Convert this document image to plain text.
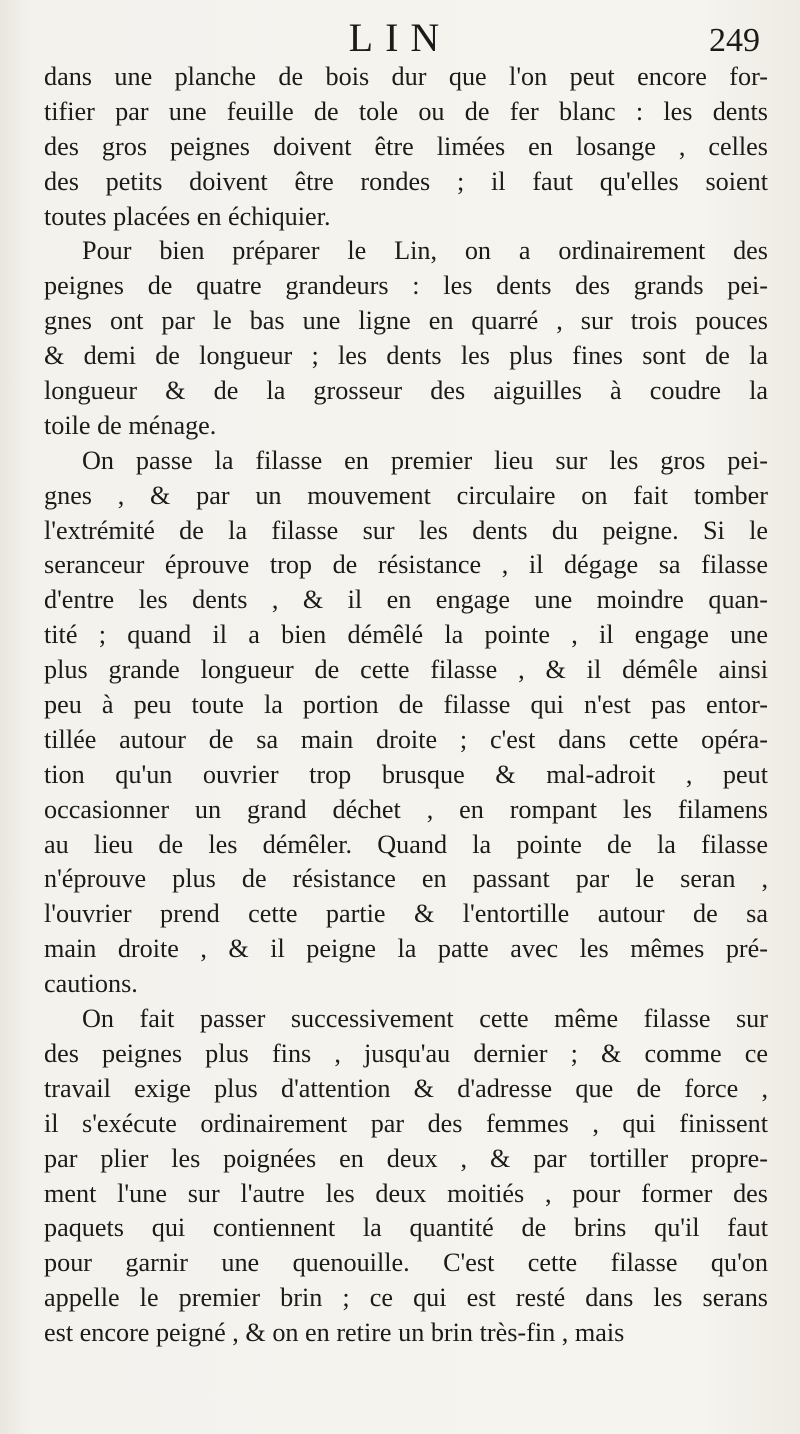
LIN	249
dans une planche de bois dur que l'on peut encore for-
tifier par une feuille de tole ou de fer blanc : les dents
des gros peignes doivent être limées en losange , celles
des petits doivent être rondes ; il faut qu'elles soient
toutes placées en échiquier.
Pour bien préparer le Lin, on a ordinairement des
peignes de quatre grandeurs : les dents des grands pei-
gnes ont par le bas une ligne en quarré , sur trois pouces
& demi de longueur ; les dents les plus fines sont de la
longueur & de la grosseur des aiguilles à coudre la
toile de ménage.
On passe la filasse en premier lieu sur les gros pei-
gnes , & par un mouvement circulaire on fait tomber
l'extrémité de la filasse sur les dents du peigne. Si le
seranceur éprouve trop de résistance , il dégage sa filasse
d'entre les dents , & il en engage une moindre quan-
tité ; quand il a bien démêlé la pointe , il engage une
plus grande longueur de cette filasse , & il démêle ainsi
peu à peu toute la portion de filasse qui n'est pas entor-
tillée autour de sa main droite ; c'est dans cette opéra-
tion qu'un ouvrier trop brusque & mal-adroit , peut
occasionner un grand déchet , en rompant les filamens
au lieu de les démêler. Quand la pointe de la filasse
n'éprouve plus de résistance en passant par le seran ,
l'ouvrier prend cette partie & l'entortille autour de sa
main droite , & il peigne la patte avec les mêmes pré-
cautions.
On fait passer successivement cette même filasse sur
des peignes plus fins , jusqu'au dernier ; & comme ce
travail exige plus d'attention & d'adresse que de force ,
il s'exécute ordinairement par des femmes , qui finissent
par plier les poignées en deux , & par tortiller propre-
ment l'une sur l'autre les deux moitiés , pour former des
paquets qui contiennent la quantité de brins qu'il faut
pour garnir une quenouille. C'est cette filasse qu'on
appelle le premier brin ; ce qui est resté dans les serans
est encore peigné , & on en retire un brin très-fin , mais
